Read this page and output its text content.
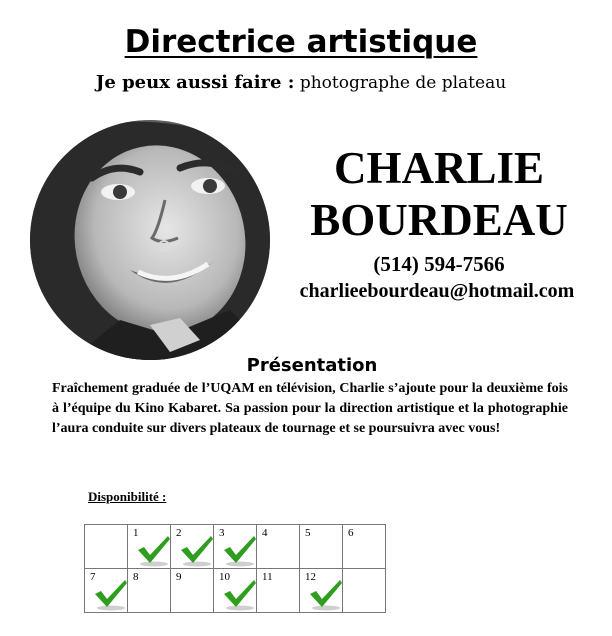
Directrice artistique
Je peux aussi faire : photographe de plateau
CHARLIE
BOURDEAU
(514) 594-7566
charlieebourdeau@hotmail.com
Présentation
Fraîchement graduée de l’UQAM en télévision, Charlie s’ajoute pour la deuxième fois à l’équipe du Kino Kabaret. Sa passion pour la direction artistique et la photographie l’aura conduite sur divers plateaux de tournage et se poursuivra avec vous!
Disponibilité :

	1	2	3	4	5	6

7	8	9	10	11	12	
